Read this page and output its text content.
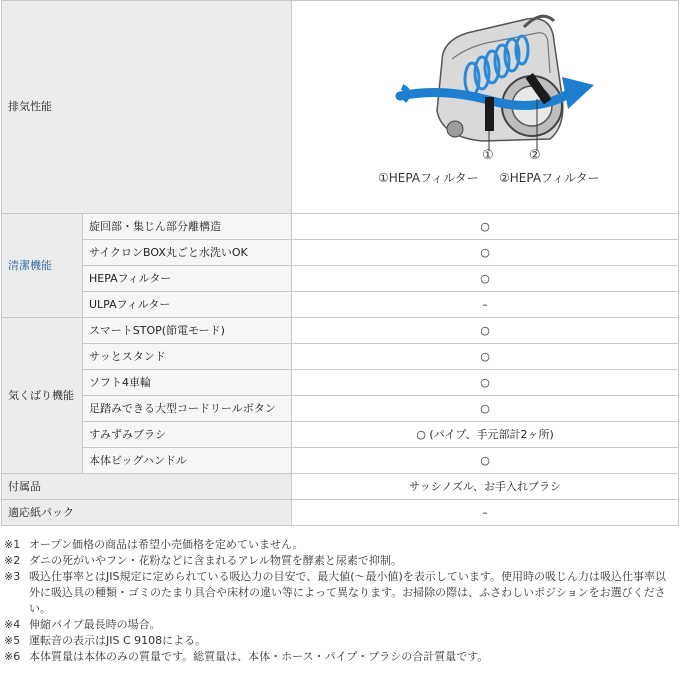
排気性能		① ②
①HEPAフィルター ②HEPAフィルター

清潔機能	旋回部・集じん部分離構造	○
	サイクロンBOX丸ごと水洗いOK	○
	HEPAフィルター	○
	ULPAフィルター	–
気くばり機能	スマートSTOP(節電モード)	○
	サッとスタンド	○
	ソフト4車輪	○
	足踏みできる大型コードリールボタン	○
	すみずみブラシ	○ (パイプ、手元部計2ヶ所)
	本体ビッグハンドル	○
付属品		サッシノズル、お手入れブラシ
適応紙パック		–
※1 オープン価格の商品は希望小売価格を定めていません。
※2 ダニの死がいやフン・花粉などに含まれるアレル物質を酵素と尿素で抑制。
※3 吸込仕事率とはJIS規定に定められている吸込力の目安で、最大値(〜最小値)を表示しています。使用時の吸じん力は吸込仕事率以外に吸込具の種類・ゴミのたまり具合や床材の違い等によって異なります。お掃除の際は、ふさわしいポジションをお選びください。
※4 伸縮パイプ最長時の場合。
※5 運転音の表示はJIS C 9108による。
※6 本体質量は本体のみの質量です。総質量は、本体・ホース・パイプ・ブラシの合計質量です。
